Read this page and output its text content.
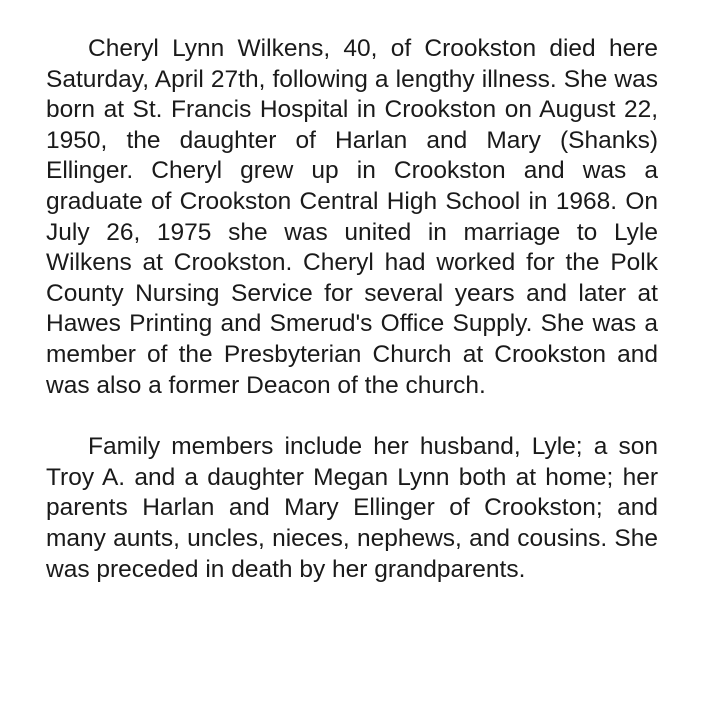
Cheryl Lynn Wilkens, 40, of Crookston died here Saturday, April 27th, following a lengthy illness. She was born at St. Francis Hospital in Crookston on August 22, 1950, the daughter of Harlan and Mary (Shanks) Ellinger. Cheryl grew up in Crookston and was a graduate of Crookston Central High School in 1968. On July 26, 1975 she was united in marriage to Lyle Wilkens at Crookston. Cheryl had worked for the Polk County Nursing Service for several years and later at Hawes Printing and Smerud's Office Supply. She was a member of the Presbyterian Church at Crookston and was also a former Deacon of the church.

Family members include her husband, Lyle; a son Troy A. and a daughter Megan Lynn both at home; her parents Harlan and Mary Ellinger of Crookston; and many aunts, uncles, nieces, nephews, and cousins. She was preceded in death by her grandparents.
